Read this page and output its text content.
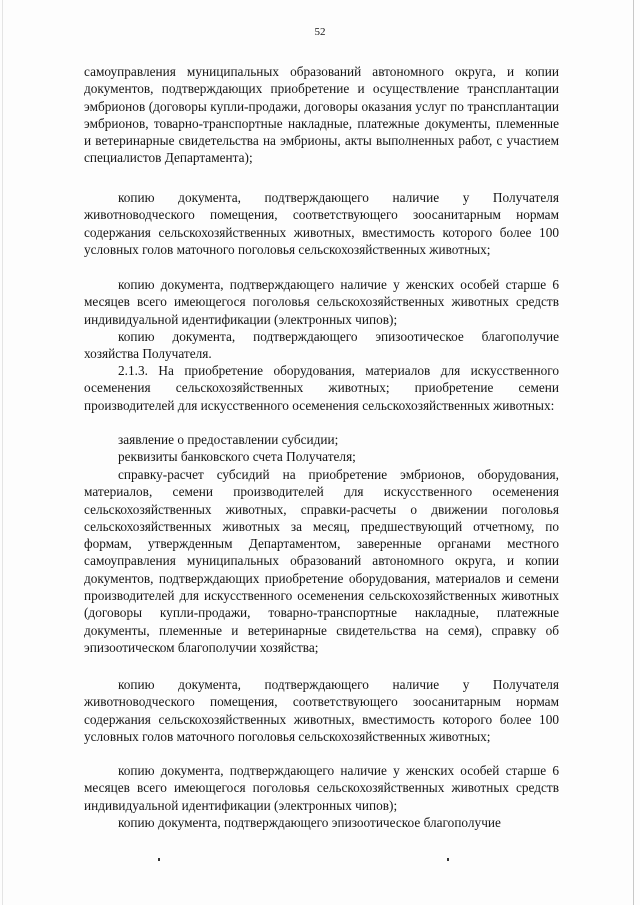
52

самоуправления муниципальных образований автономного округа, и копии документов, подтверждающих приобретение и осуществление трансплантации эмбрионов (договоры купли-продажи, договоры оказания услуг по трансплантации эмбрионов, товарно-транспортные накладные, платежные документы, племенные и ветеринарные свидетельства на эмбрионы, акты выполненных работ, с участием специалистов Департамента);

копию документа, подтверждающего наличие у Получателя животноводческого помещения, соответствующего зоосанитарным нормам содержания сельскохозяйственных животных, вместимость которого более 100 условных голов маточного поголовья сельскохозяйственных животных;

копию документа, подтверждающего наличие у женских особей старше 6 месяцев всего имеющегося поголовья сельскохозяйственных животных средств индивидуальной идентификации (электронных чипов);

копию документа, подтверждающего эпизоотическое благополучие хозяйства Получателя.

2.1.3. На приобретение оборудования, материалов для искусственного осеменения сельскохозяйственных животных; приобретение семени производителей для искусственного осеменения сельскохозяйственных животных:

заявление о предоставлении субсидии;

реквизиты банковского счета Получателя;

справку-расчет субсидий на приобретение эмбрионов, оборудования, материалов, семени производителей для искусственного осеменения сельскохозяйственных животных, справки-расчеты о движении поголовья сельскохозяйственных животных за месяц, предшествующий отчетному, по формам, утвержденным Департаментом, заверенные органами местного самоуправления муниципальных образований автономного округа, и копии документов, подтверждающих приобретение оборудования, материалов и семени производителей для искусственного осеменения сельскохозяйственных животных (договоры купли-продажи, товарно-транспортные накладные, платежные документы, племенные и ветеринарные свидетельства на семя), справку об эпизоотическом благополучии хозяйства;

копию документа, подтверждающего наличие у Получателя животноводческого помещения, соответствующего зоосанитарным нормам содержания сельскохозяйственных животных, вместимость которого более 100 условных голов маточного поголовья сельскохозяйственных животных;

копию документа, подтверждающего наличие у женских особей старше 6 месяцев всего имеющегося поголовья сельскохозяйственных животных средств индивидуальной идентификации (электронных чипов);

копию документа, подтверждающего эпизоотическое благополучие
